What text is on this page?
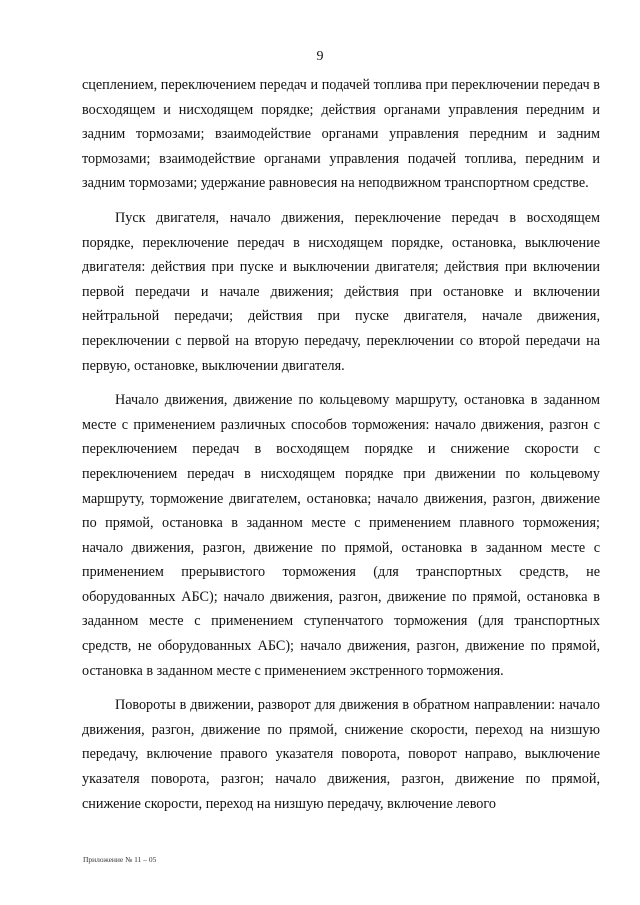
9

сцеплением, переключением передач и подачей топлива при переключении передач в восходящем и нисходящем порядке; действия органами управления передним и задним тормозами; взаимодействие органами управления передним и задним тормозами; взаимодействие органами управления подачей топлива, передним и задним тормозами; удержание равновесия на неподвижном транспортном средстве.

Пуск двигателя, начало движения, переключение передач в восходящем порядке, переключение передач в нисходящем порядке, остановка, выключение двигателя: действия при пуске и выключении двигателя; действия при включении первой передачи и начале движения; действия при остановке и включении нейтральной передачи; действия при пуске двигателя, начале движения, переключении с первой на вторую передачу, переключении со второй передачи на первую, остановке, выключении двигателя.

Начало движения, движение по кольцевому маршруту, остановка в заданном месте с применением различных способов торможения: начало движения, разгон с переключением передач в восходящем порядке и снижение скорости с переключением передач в нисходящем порядке при движении по кольцевому маршруту, торможение двигателем, остановка; начало движения, разгон, движение по прямой, остановка в заданном месте с применением плавного торможения; начало движения, разгон, движение по прямой, остановка в заданном месте с применением прерывистого торможения (для транспортных средств, не оборудованных АБС); начало движения, разгон, движение по прямой, остановка в заданном месте с применением ступенчатого торможения (для транспортных средств, не оборудованных АБС); начало движения, разгон, движение по прямой, остановка в заданном месте с применением экстренного торможения.

Повороты в движении, разворот для движения в обратном направлении: начало движения, разгон, движение по прямой, снижение скорости, переход на низшую передачу, включение правого указателя поворота, поворот направо, выключение указателя поворота, разгон; начало движения, разгон, движение по прямой, снижение скорости, переход на низшую передачу, включение левого

Приложение № 11 – 05
